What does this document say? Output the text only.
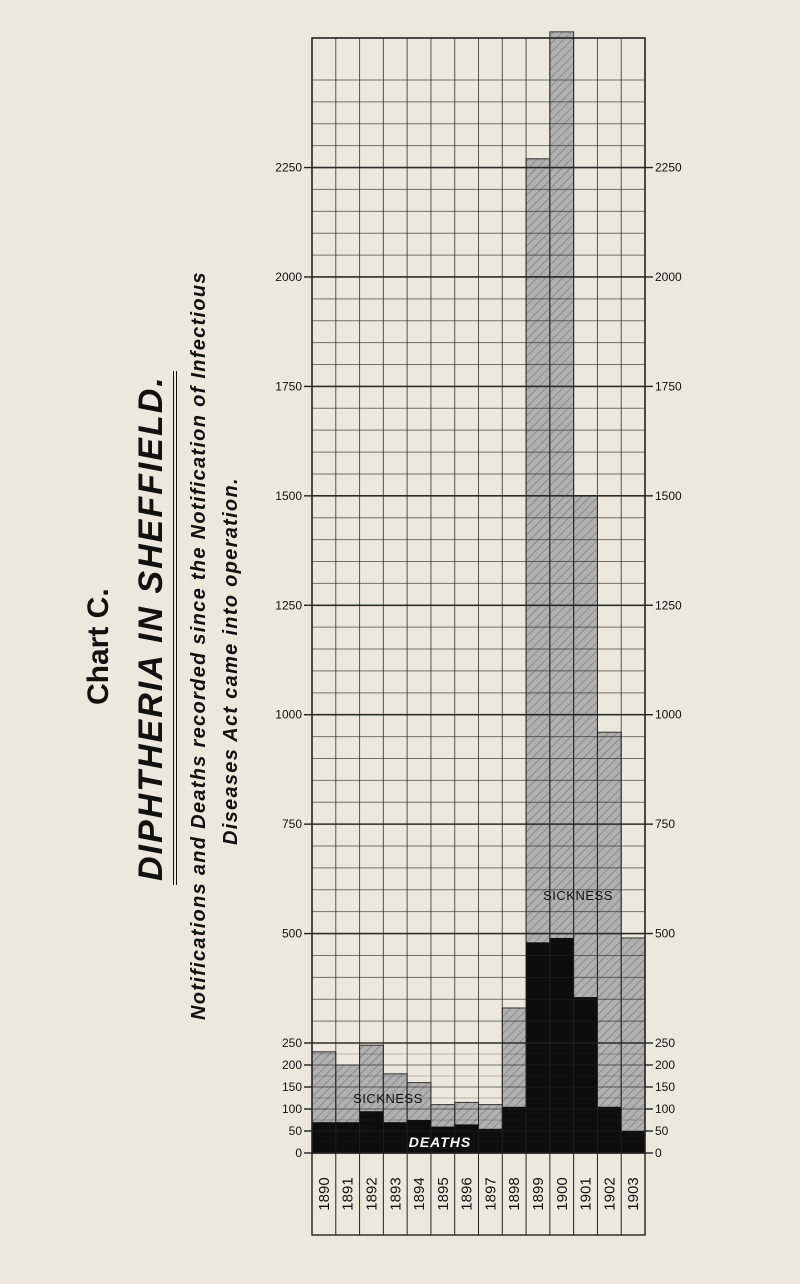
Chart C. DIPHTHERIA IN SHEFFIELD. Notifications and Deaths recorded since the Notification of Infectious Diseases Act came into operation.
0
50
100
150
200
250
500
750
1000
1250
1500
1750
2000
2250
0
50
100
150
200
250
500
750
1000
1250
1500
1750
2000
2250
1890 1891 1892 1893 1894 1895 1896 1897 1898 1899 1900 1901 1902 1903
SICKNESS
SICKNESS
DEATHS
